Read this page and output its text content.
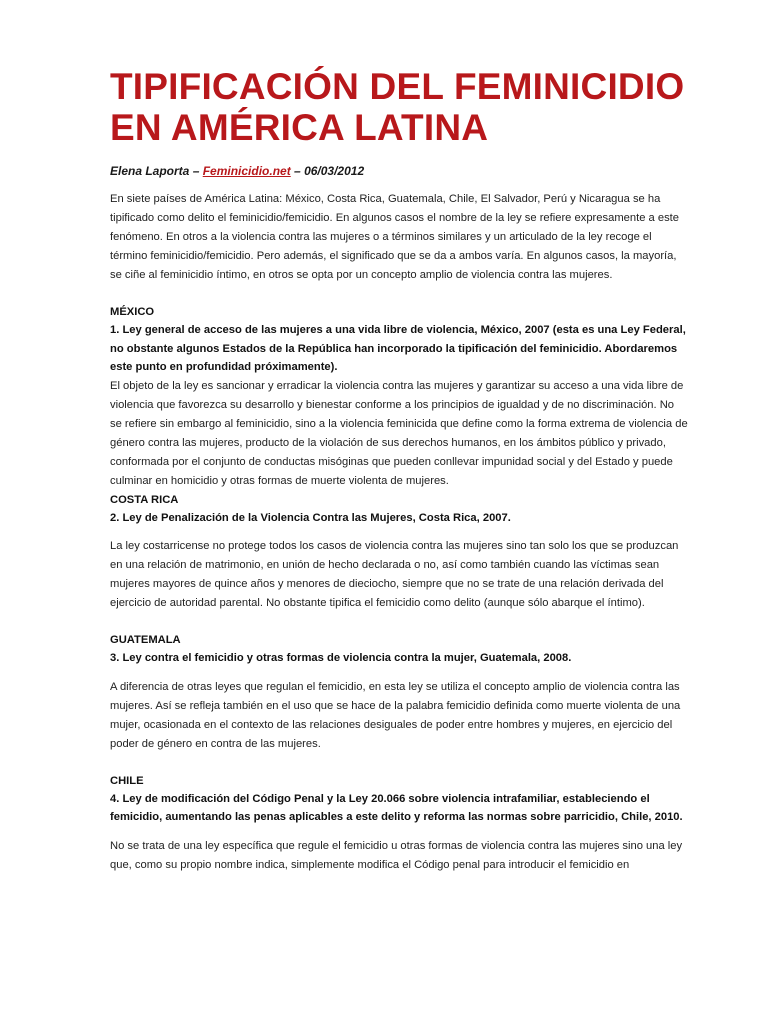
TIPIFICACIÓN DEL FEMINICIDIO EN AMÉRICA LATINA
Elena Laporta – Feminicidio.net – 06/03/2012

En siete países de América Latina: México, Costa Rica, Guatemala, Chile, El Salvador, Perú y Nicaragua se ha tipificado como delito el feminicidio/femicidio. En algunos casos el nombre de la ley se refiere expresamente a este fenómeno. En otros a la violencia contra las mujeres o a términos similares y un articulado de la ley recoge el término feminicidio/femicidio. Pero además, el significado que se da a ambos varía. En algunos casos, la mayoría, se ciñe al feminicidio íntimo, en otros se opta por un concepto amplio de violencia contra las mujeres.

MÉXICO
1. Ley general de acceso de las mujeres a una vida libre de violencia, México, 2007 (esta es una Ley Federal, no obstante algunos Estados de la República han incorporado la tipificación del feminicidio. Abordaremos este punto en profundidad próximamente).

El objeto de la ley es sancionar y erradicar la violencia contra las mujeres y garantizar su acceso a una vida libre de violencia que favorezca su desarrollo y bienestar conforme a los principios de igualdad y de no discriminación. No se refiere sin embargo al feminicidio, sino a la violencia feminicida que define como la forma extrema de violencia de género contra las mujeres, producto de la violación de sus derechos humanos, en los ámbitos público y privado, conformada por el conjunto de conductas misóginas que pueden conllevar impunidad social y del Estado y puede culminar en homicidio y otras formas de muerte violenta de mujeres.

COSTA RICA
2. Ley de Penalización de la Violencia Contra las Mujeres, Costa Rica, 2007.

La ley costarricense no protege todos los casos de violencia contra las mujeres sino tan solo los que se produzcan en una relación de matrimonio, en unión de hecho declarada o no, así como también cuando las víctimas sean mujeres mayores de quince años y menores de dieciocho, siempre que no se trate de una relación derivada del ejercicio de autoridad parental. No obstante tipifica el femicidio como delito (aunque sólo abarque el íntimo).

GUATEMALA
3. Ley contra el femicidio y otras formas de violencia contra la mujer, Guatemala, 2008.

A diferencia de otras leyes que regulan el femicidio, en esta ley se utiliza el concepto amplio de violencia contra las mujeres. Así se refleja también en el uso que se hace de la palabra femicidio definida como muerte violenta de una mujer, ocasionada en el contexto de las relaciones desiguales de poder entre hombres y mujeres, en ejercicio del poder de género en contra de las mujeres.

CHILE
4. Ley de modificación del Código Penal y la Ley 20.066 sobre violencia intrafamiliar, estableciendo el femicidio, aumentando las penas aplicables a este delito y reforma las normas sobre parricidio, Chile, 2010.

No se trata de una ley específica que regule el femicidio u otras formas de violencia contra las mujeres sino una ley que, como su propio nombre indica, simplemente modifica el Código penal para introducir el femicidio en
